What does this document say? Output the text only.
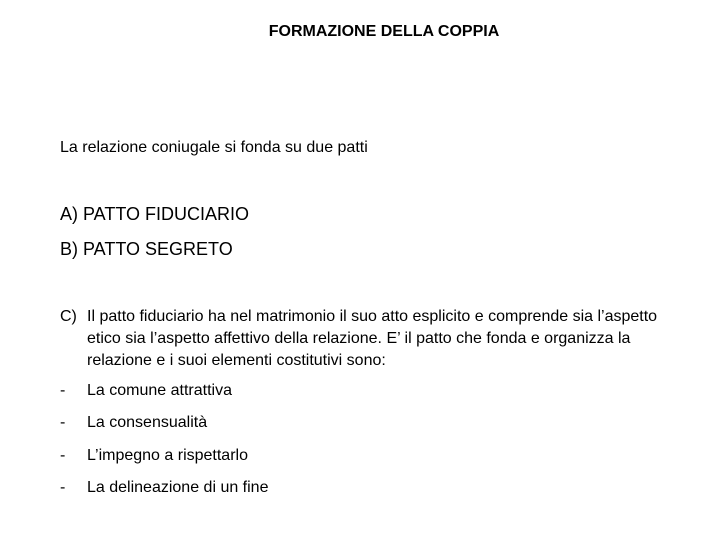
FORMAZIONE DELLA COPPIA
La relazione coniugale si fonda su due patti
A) PATTO FIDUCIARIO
B) PATTO SEGRETO
C) Il patto fiduciario ha nel matrimonio il suo atto esplicito e comprende sia l’aspetto etico sia l’aspetto affettivo della relazione. E’ il patto che fonda e organizza la relazione e i suoi elementi costitutivi sono:
-	La comune attrattiva
-	La consensualità
-	L’impegno a rispettarlo
-	La delineazione di un fine
